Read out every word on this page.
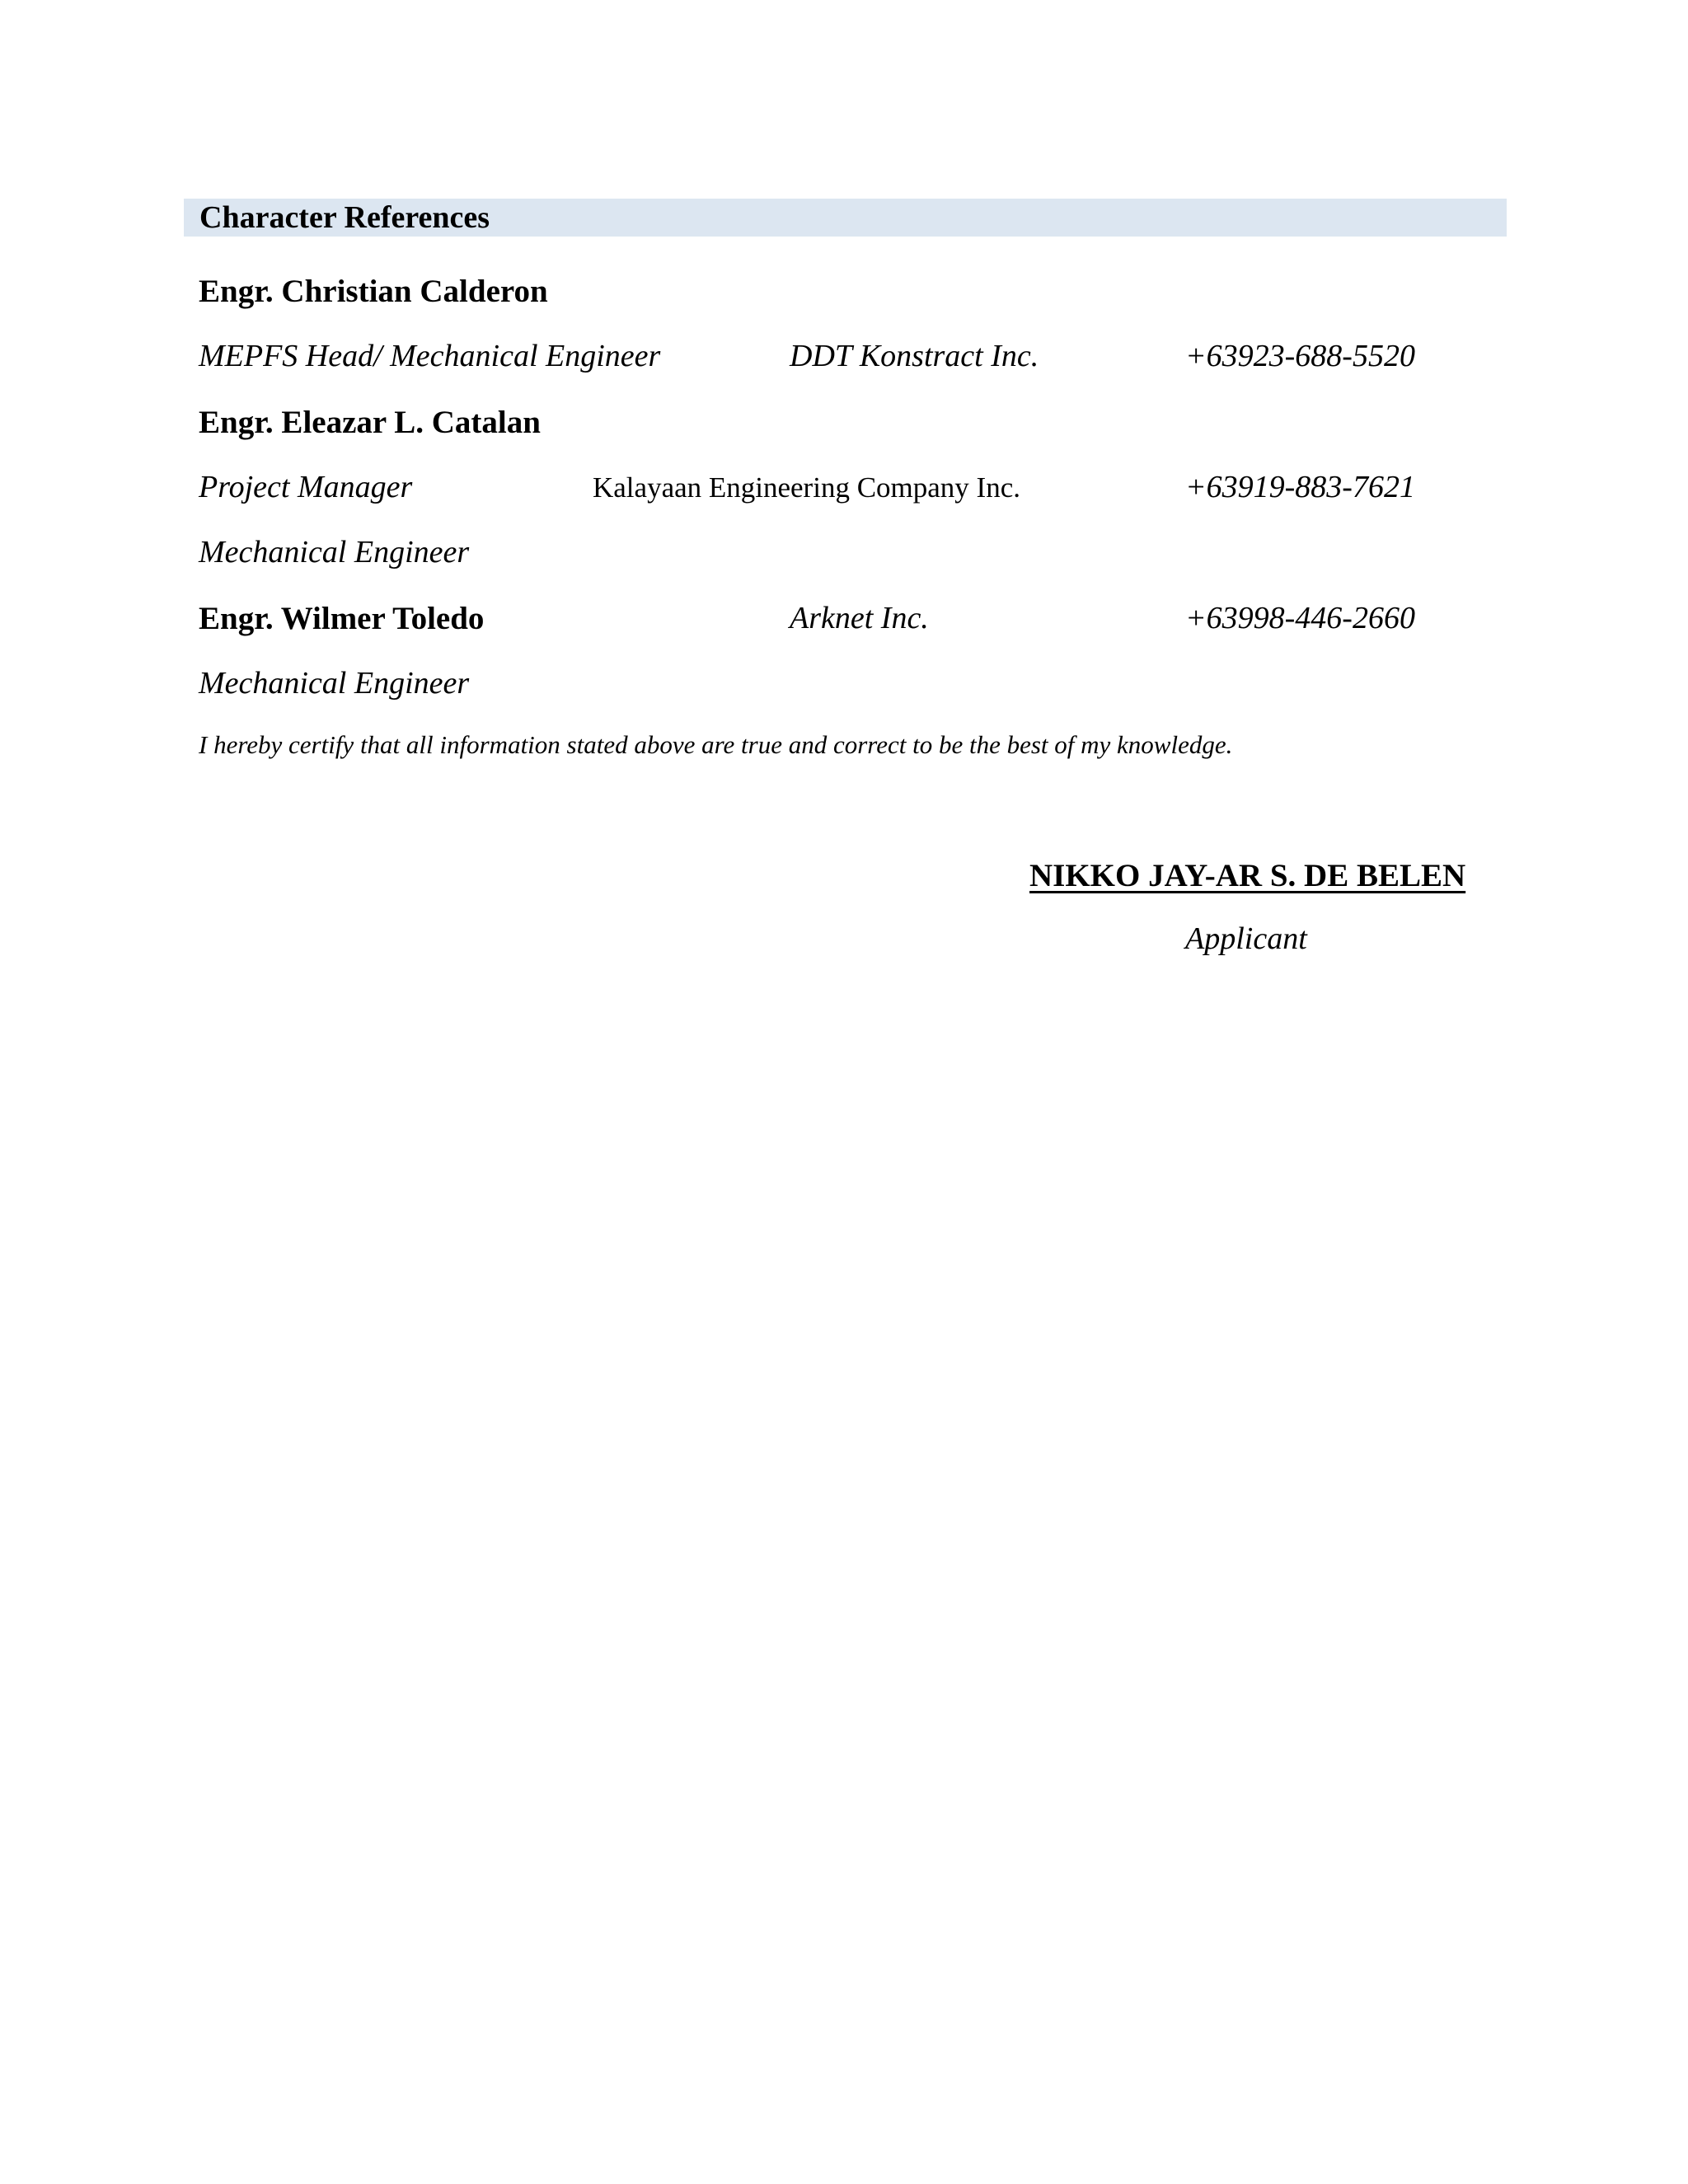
Character References
Engr. Christian Calderon
MEPFS Head/ Mechanical Engineer	DDT Konstract Inc.	+63923-688-5520
Engr. Eleazar L. Catalan
Project Manager	Kalayaan Engineering Company Inc.	+63919-883-7621
Mechanical Engineer
Engr. Wilmer Toledo	Arknet Inc.	+63998-446-2660
Mechanical Engineer
I hereby certify that all information stated above are true and correct to be the best of my knowledge.
NIKKO JAY-AR S. DE BELEN
Applicant
